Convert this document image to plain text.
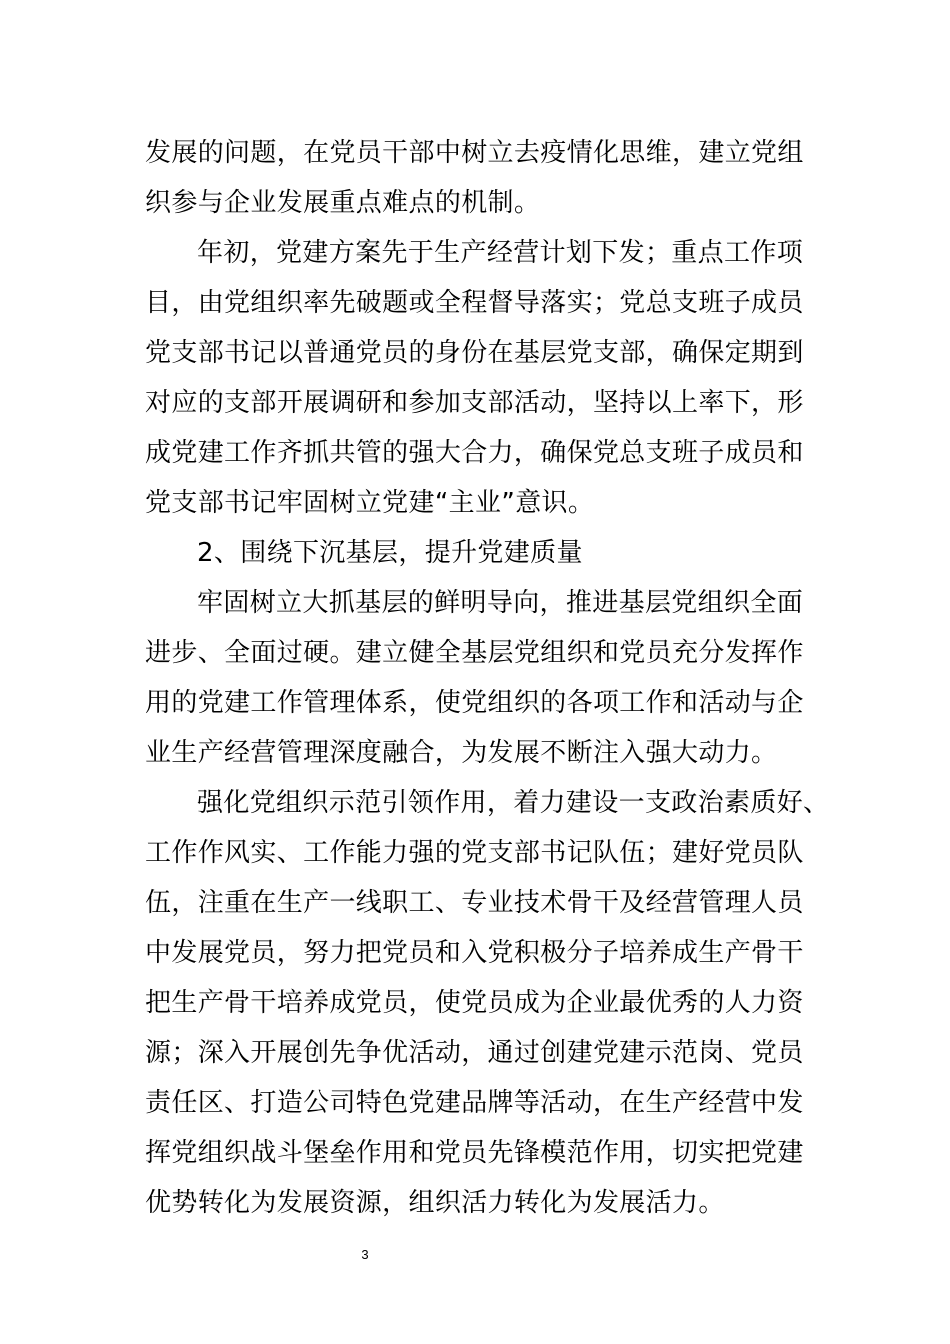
发展的问题，在党员干部中树立去疫情化思维，建立党组
织参与企业发展重点难点的机制。
年初，党建方案先于生产经营计划下发；重点工作项
目，由党组织率先破题或全程督导落实；党总支班子成员
党支部书记以普通党员的身份在基层党支部，确保定期到
对应的支部开展调研和参加支部活动，坚持以上率下，形
成党建工作齐抓共管的强大合力，确保党总支班子成员和
党支部书记牢固树立党建“主业”意识。
2、围绕下沉基层，提升党建质量
牢固树立大抓基层的鲜明导向，推进基层党组织全面
进步、全面过硬。建立健全基层党组织和党员充分发挥作
用的党建工作管理体系，使党组织的各项工作和活动与企
业生产经营管理深度融合，为发展不断注入强大动力。
强化党组织示范引领作用，着力建设一支政治素质好、
工作作风实、工作能力强的党支部书记队伍；建好党员队
伍，注重在生产一线职工、专业技术骨干及经营管理人员
中发展党员，努力把党员和入党积极分子培养成生产骨干
把生产骨干培养成党员，使党员成为企业最优秀的人力资
源；深入开展创先争优活动，通过创建党建示范岗、党员
责任区、打造公司特色党建品牌等活动，在生产经营中发
挥党组织战斗堡垒作用和党员先锋模范作用，切实把党建
优势转化为发展资源，组织活力转化为发展活力。
3
